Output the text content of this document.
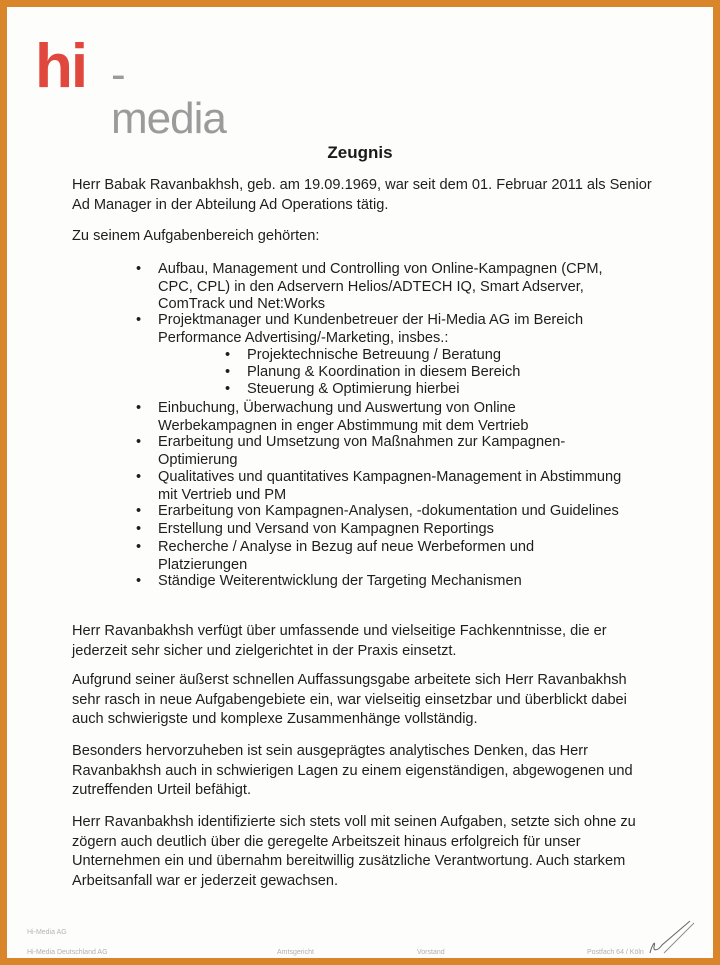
hi -media
Zeugnis
Herr Babak Ravanbakhsh, geb. am 19.09.1969, war seit dem 01. Februar 2011 als Senior Ad Manager in der Abteilung Ad Operations tätig.
Zu seinem Aufgabenbereich gehörten:
• Aufbau, Management und Controlling von Online-Kampagnen (CPM, CPC, CPL) in den Adservern Helios/ADTECH IQ, Smart Adserver, ComTrack und Net:Works
• Projektmanager und Kundenbetreuer der Hi-Media AG im Bereich Performance Advertising/-Marketing, insbes.:
• Projektechnische Betreuung / Beratung
• Planung & Koordination in diesem Bereich
• Steuerung & Optimierung hierbei
• Einbuchung, Überwachung und Auswertung von Online Werbekampagnen in enger Abstimmung mit dem Vertrieb
• Erarbeitung und Umsetzung von Maßnahmen zur Kampagnen-Optimierung
• Qualitatives und quantitatives Kampagnen-Management in Abstimmung mit Vertrieb und PM
• Erarbeitung von Kampagnen-Analysen, -dokumentation und Guidelines
• Erstellung und Versand von Kampagnen Reportings
• Recherche / Analyse in Bezug auf neue Werbeformen und Platzierungen
• Ständige Weiterentwicklung der Targeting Mechanismen
Herr Ravanbakhsh verfügt über umfassende und vielseitige Fachkenntnisse, die er jederzeit sehr sicher und zielgerichtet in der Praxis einsetzt.
Aufgrund seiner äußerst schnellen Auffassungsgabe arbeitete sich Herr Ravanbakhsh sehr rasch in neue Aufgabengebiete ein, war vielseitig einsetzbar und überblickt dabei auch schwierigste und komplexe Zusammenhänge vollständig.
Besonders hervorzuheben ist sein ausgeprägtes analytisches Denken, das Herr Ravanbakhsh auch in schwierigen Lagen zu einem eigenständigen, abgewogenen und zutreffenden Urteil befähigt.
Herr Ravanbakhsh identifizierte sich stets voll mit seinen Aufgaben, setzte sich ohne zu zögern auch deutlich über die geregelte Arbeitszeit hinaus erfolgreich für unser Unternehmen ein und übernahm bereitwillig zusätzliche Verantwortung. Auch starkem Arbeitsanfall war er jederzeit gewachsen.
Hi-Media AG
Hi-Media Deutschland AG	Amtsgericht	Vorstand	Postfach 64 / Köln
